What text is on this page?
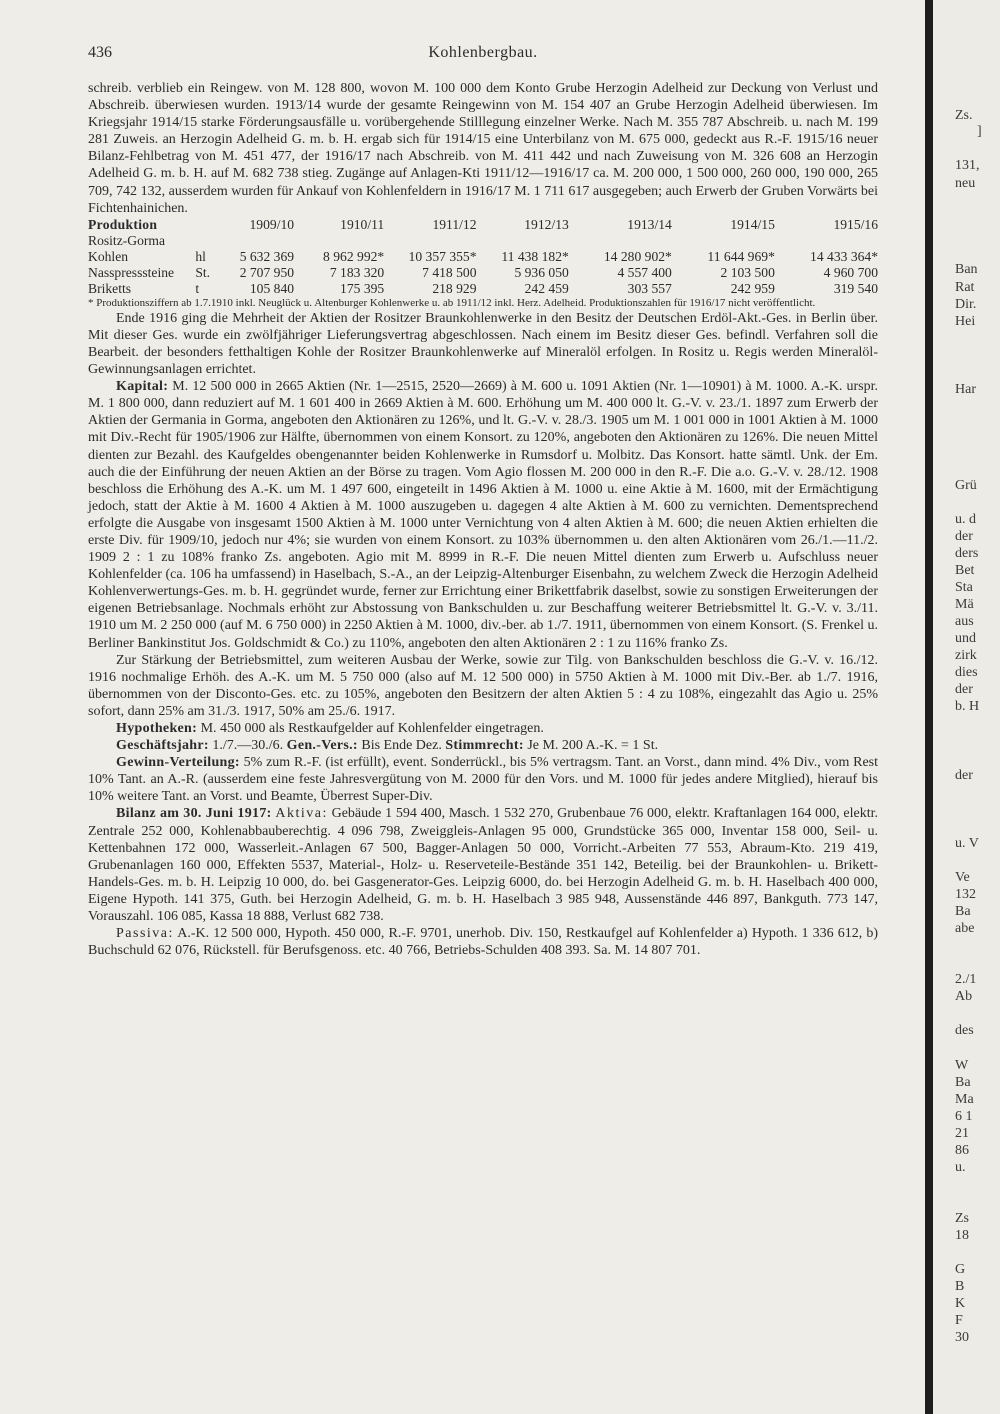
436	Kohlenbergbau.

schreib. verblieb ein Reingew. von M. 128 800, wovon M. 100 000 dem Konto Grube Herzogin Adelheid zur Deckung von Verlust und Abschreib. überwiesen wurden. 1913/14 wurde der gesamte Reingewinn von M. 154 407 an Grube Herzogin Adelheid überwiesen. Im Kriegsjahr 1914/15 starke Förderungsausfälle u. vorübergehende Stilllegung einzelner Werke. Nach M. 355 787 Abschreib. u. nach M. 199 281 Zuweis. an Herzogin Adelheid G. m. b. H. ergab sich für 1914/15 eine Unterbilanz von M. 675 000, gedeckt aus R.-F. 1915/16 neuer Bilanz-Fehlbetrag von M. 451 477, der 1916/17 nach Abschreib. von M. 411 442 und nach Zuweisung von M. 326 608 an Herzogin Adelheid G. m. b. H. auf M. 682 738 stieg. Zugänge auf Anlagen-Kti 1911/12—1916/17 ca. M. 200 000, 1 500 000, 260 000, 190 000, 265 709, 742 132, ausserdem wurden für Ankauf von Kohlenfeldern in 1916/17 M. 1 711 617 ausgegeben; auch Erwerb der Gruben Vorwärts bei Fichtenhainichen.

Produktion		1909/10	1910/11	1911/12	1912/13	1913/14	1914/15	1915/16
Rositz-Gorma								
Kohlen	hl	5 632 369	8 962 992*	10 357 355*	11 438 182*	14 280 902*	11 644 969*	14 433 364*
Nasspresssteine	St.	2 707 950	7 183 320	7 418 500	5 936 050	4 557 400	2 103 500	4 960 700
Briketts	t	105 840	175 395	218 929	242 459	303 557	242 959	319 540

* Produktionsziffern ab 1.7.1910 inkl. Neuglück u. Altenburger Kohlenwerke u. ab 1911/12 inkl. Herz. Adelheid. Produktionszahlen für 1916/17 nicht veröffentlicht.

Ende 1916 ging die Mehrheit der Aktien der Rositzer Braunkohlenwerke in den Besitz der Deutschen Erdöl-Akt.-Ges. in Berlin über. Mit dieser Ges. wurde ein zwölfjähriger Lieferungsvertrag abgeschlossen. Nach einem im Besitz dieser Ges. befindl. Verfahren soll die Bearbeit. der besonders fetthaltigen Kohle der Rositzer Braunkohlenwerke auf Mineralöl erfolgen. In Rositz u. Regis werden Mineralöl-Gewinnungsanlagen errichtet.

Kapital: M. 12 500 000 in 2665 Aktien (Nr. 1—2515, 2520—2669) à M. 600 u. 1091 Aktien (Nr. 1—10901) à M. 1000. A.-K. urspr. M. 1 800 000, dann reduziert auf M. 1 601 400 in 2669 Aktien à M. 600. Erhöhung um M. 400 000 lt. G.-V. v. 23./1. 1897 zum Erwerb der Aktien der Germania in Gorma, angeboten den Aktionären zu 126%, und lt. G.-V. v. 28./3. 1905 um M. 1 001 000 in 1001 Aktien à M. 1000 mit Div.-Recht für 1905/1906 zur Hälfte, übernommen von einem Konsort. zu 120%, angeboten den Aktionären zu 126%. Die neuen Mittel dienten zur Bezahl. des Kaufgeldes obengenannter beiden Kohlenwerke in Rumsdorf u. Molbitz. Das Konsort. hatte sämtl. Unk. der Em. auch die der Einführung der neuen Aktien an der Börse zu tragen. Vom Agio flossen M. 200 000 in den R.-F. Die a.o. G.-V. v. 28./12. 1908 beschloss die Erhöhung des A.-K. um M. 1 497 600, eingeteilt in 1496 Aktien à M. 1000 u. eine Aktie à M. 1600, mit der Ermächtigung jedoch, statt der Aktie à M. 1600 4 Aktien à M. 1000 auszugeben u. dagegen 4 alte Aktien à M. 600 zu vernichten. Dementsprechend erfolgte die Ausgabe von insgesamt 1500 Aktien à M. 1000 unter Vernichtung von 4 alten Aktien à M. 600; die neuen Aktien erhielten die erste Div. für 1909/10, jedoch nur 4%; sie wurden von einem Konsort. zu 103% übernommen u. den alten Aktionären vom 26./1.—11./2. 1909 2 : 1 zu 108% franko Zs. angeboten. Agio mit M. 8999 in R.-F. Die neuen Mittel dienten zum Erwerb u. Aufschluss neuer Kohlenfelder (ca. 106 ha umfassend) in Haselbach, S.-A., an der Leipzig-Altenburger Eisenbahn, zu welchem Zweck die Herzogin Adelheid Kohlenverwertungs-Ges. m. b. H. gegründet wurde, ferner zur Errichtung einer Brikettfabrik daselbst, sowie zu sonstigen Erweiterungen der eigenen Betriebsanlage. Nochmals erhöht zur Abstossung von Bankschulden u. zur Beschaffung weiterer Betriebsmittel lt. G.-V. v. 3./11. 1910 um M. 2 250 000 (auf M. 6 750 000) in 2250 Aktien à M. 1000, div.-ber. ab 1./7. 1911, übernommen von einem Konsort. (S. Frenkel u. Berliner Bankinstitut Jos. Goldschmidt & Co.) zu 110%, angeboten den alten Aktionären 2 : 1 zu 116% franko Zs.

Zur Stärkung der Betriebsmittel, zum weiteren Ausbau der Werke, sowie zur Tilg. von Bankschulden beschloss die G.-V. v. 16./12. 1916 nochmalige Erhöh. des A.-K. um M. 5 750 000 (also auf M. 12 500 000) in 5750 Aktien à M. 1000 mit Div.-Ber. ab 1./7. 1916, übernommen von der Disconto-Ges. etc. zu 105%, angeboten den Besitzern der alten Aktien 5 : 4 zu 108%, eingezahlt das Agio u. 25% sofort, dann 25% am 31./3. 1917, 50% am 25./6. 1917.

Hypotheken: M. 450 000 als Restkaufgelder auf Kohlenfelder eingetragen.

Geschäftsjahr: 1./7.—30./6. Gen.-Vers.: Bis Ende Dez. Stimmrecht: Je M. 200 A.-K. = 1 St.

Gewinn-Verteilung: 5% zum R.-F. (ist erfüllt), event. Sonderrückl., bis 5% vertragsm. Tant. an Vorst., dann mind. 4% Div., vom Rest 10% Tant. an A.-R. (ausserdem eine feste Jahresvergütung von M. 2000 für den Vors. und M. 1000 für jedes andere Mitglied), hierauf bis 10% weitere Tant. an Vorst. und Beamte, Überrest Super-Div.

Bilanz am 30. Juni 1917: Aktiva: Gebäude 1 594 400, Masch. 1 532 270, Grubenbaue 76 000, elektr. Kraftanlagen 164 000, elektr. Zentrale 252 000, Kohlenabbauberechtig. 4 096 798, Zweiggleis-Anlagen 95 000, Grundstücke 365 000, Inventar 158 000, Seil- u. Kettenbahnen 172 000, Wasserleit.-Anlagen 67 500, Bagger-Anlagen 50 000, Vorricht.-Arbeiten 77 553, Abraum-Kto. 219 419, Grubenanlagen 160 000, Effekten 5537, Material-, Holz- u. Reserveteile-Bestände 351 142, Beteilig. bei der Braunkohlen- u. Brikett-Handels-Ges. m. b. H. Leipzig 10 000, do. bei Gasgenerator-Ges. Leipzig 6000, do. bei Herzogin Adelheid G. m. b. H. Haselbach 400 000, Eigene Hypoth. 141 375, Guth. bei Herzogin Adelheid, G. m. b. H. Haselbach 3 985 948, Aussenstände 446 897, Bankguth. 773 147, Vorauszahl. 106 085, Kassa 18 888, Verlust 682 738.

Passiva: A.-K. 12 500 000, Hypoth. 450 000, R.-F. 9701, unerhob. Div. 150, Restkaufgel auf Kohlenfelder a) Hypoth. 1 336 612, b) Buchschuld 62 076, Rückstell. für Berufsgenoss. etc. 40 766, Betriebs-Schulden 408 393. Sa. M. 14 807 701.

Zs.
]
131,
neu
Ban
Rat
Dir.
Hei
Har
Grü
u. d
der
ders
Bet
Sta
Mä
aus
und
zirk
dies
der
b. H
der
u. V
Ve
132
Ba
abe
2./1
Ab
des
W
Ba
Ma
6 1
21
86
u.
Zs
18
G
B
K
F
30
